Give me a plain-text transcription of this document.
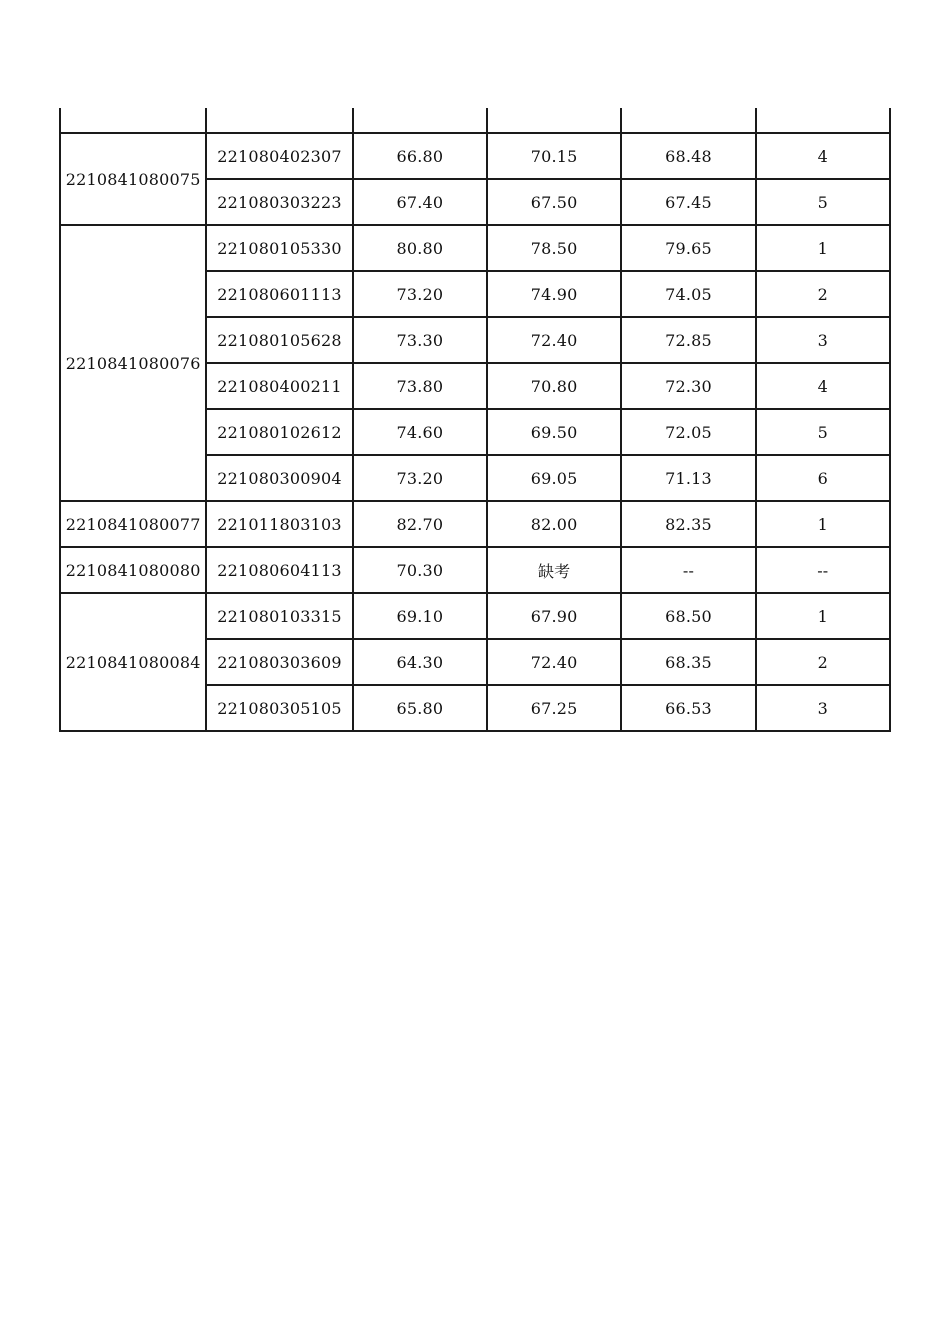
2210841080075	221080402307	66.80	70.15	68.48	4
	221080303223	67.40	67.50	67.45	5
2210841080076	221080105330	80.80	78.50	79.65	1
	221080601113	73.20	74.90	74.05	2
	221080105628	73.30	72.40	72.85	3
	221080400211	73.80	70.80	72.30	4
	221080102612	74.60	69.50	72.05	5
	221080300904	73.20	69.05	71.13	6
2210841080077	221011803103	82.70	82.00	82.35	1
2210841080080	221080604113	70.30	缺考	--	--
2210841080084	221080103315	69.10	67.90	68.50	1
	221080303609	64.30	72.40	68.35	2
	221080305105	65.80	67.25	66.53	3
